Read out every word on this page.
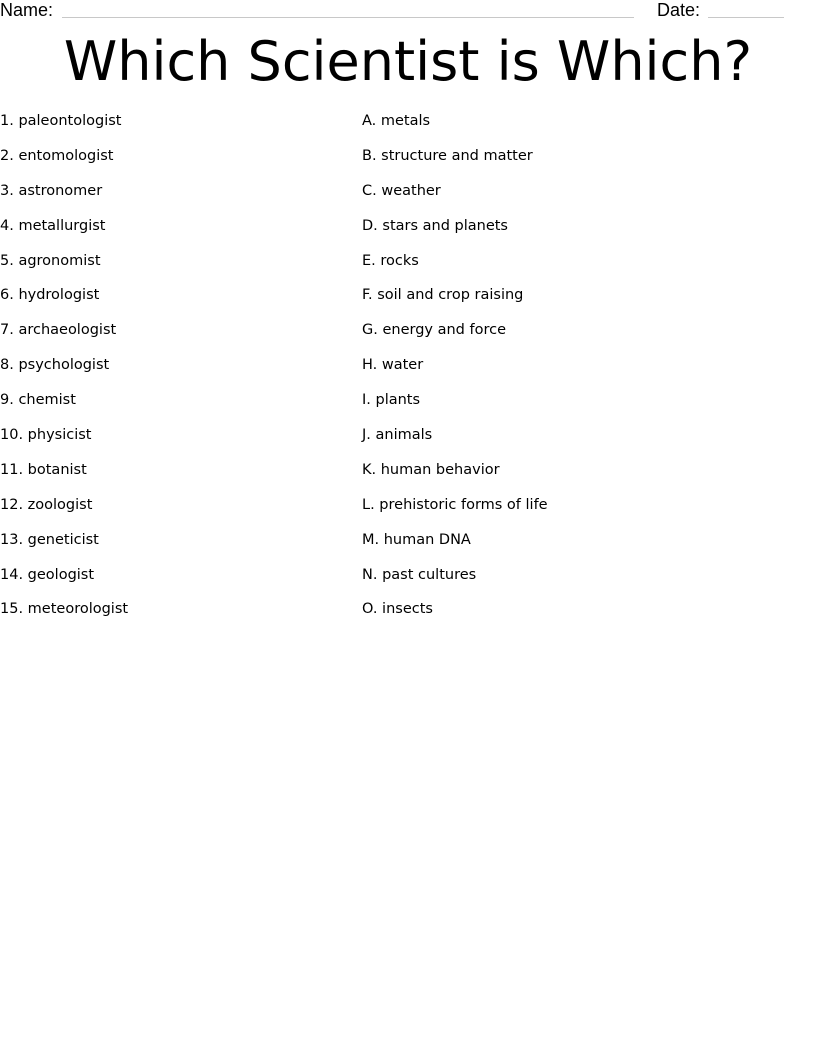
Name:	Date:
Which Scientist is Which?
1. paleontologist
2. entomologist
3. astronomer
4. metallurgist
5. agronomist
6. hydrologist
7. archaeologist
8. psychologist
9. chemist
10. physicist
11. botanist
12. zoologist
13. geneticist
14. geologist
15. meteorologist
A. metals
B. structure and matter
C. weather
D. stars and planets
E. rocks
F. soil and crop raising
G. energy and force
H. water
I. plants
J. animals
K. human behavior
L. prehistoric forms of life
M. human DNA
N. past cultures
O. insects
